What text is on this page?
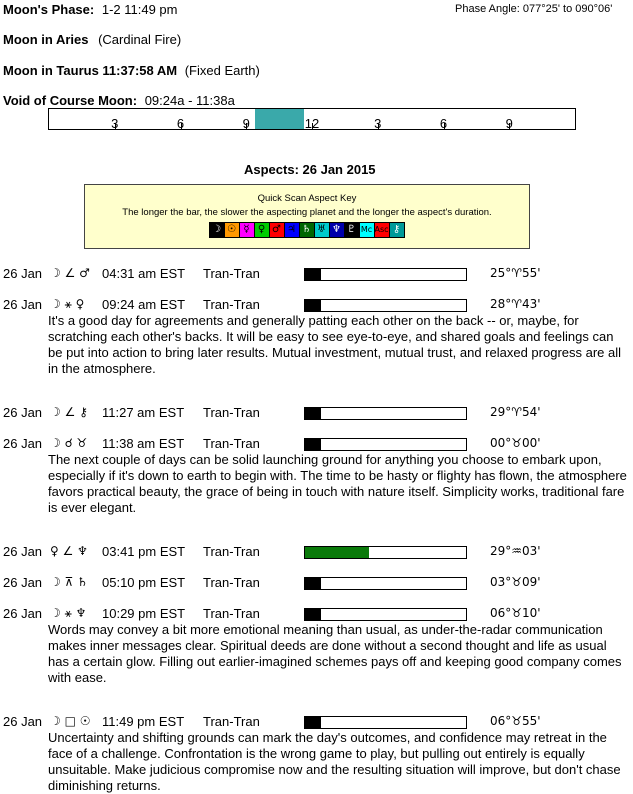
Moon's Phase: 1-2 11:49 pm	Phase Angle: 077°25' to 090°06'
Moon in Aries (Cardinal Fire)
Moon in Taurus 11:37:58 AM (Fixed Earth)
Void of Course Moon: 09:24a - 11:38a
3	6	9	12	3	6	9
Aspects: 26 Jan 2015
Quick Scan Aspect Key
The longer the bar, the slower the aspecting planet and the longer the aspect's duration.
☽ ☉ ☿ ♀ ♂ ♃ ♄ ♅ ♆ ♇ Mc Asc ⚷
26 Jan ☽ ∠ ♂ 04:31 am EST Tran-Tran	25°♈55'
26 Jan ☽ ⚹ ♀ 09:24 am EST Tran-Tran	28°♈43'
It's a good day for agreements and generally patting each other on the back -- or, maybe, for scratching each other's backs. It will be easy to see eye-to-eye, and shared goals and feelings can be put into action to bring later results. Mutual investment, mutual trust, and relaxed progress are all in the atmosphere.
26 Jan ☽ ∠ ⚷ 11:27 am EST Tran-Tran	29°♈54'
26 Jan ☽ ☌ ♉ 11:38 am EST Tran-Tran	00°♉00'
The next couple of days can be solid launching ground for anything you choose to embark upon, especially if it's down to earth to begin with. The time to be hasty or flighty has flown, the atmosphere favors practical beauty, the grace of being in touch with nature itself. Simplicity works, traditional fare is ever elegant.
26 Jan ♀ ∠ ♆ 03:41 pm EST Tran-Tran	29°♒03'
26 Jan ☽ ⊼ ♄ 05:10 pm EST Tran-Tran	03°♉09'
26 Jan ☽ ⚹ ♆ 10:29 pm EST Tran-Tran	06°♉10'
Words may convey a bit more emotional meaning than usual, as under-the-radar communication makes inner messages clear. Spiritual deeds are done without a second thought and life as usual has a certain glow. Filling out earlier-imagined schemes pays off and keeping good company comes with ease.
26 Jan ☽ □ ☉ 11:49 pm EST Tran-Tran	06°♉55'
Uncertainty and shifting grounds can mark the day's outcomes, and confidence may retreat in the face of a challenge. Confrontation is the wrong game to play, but pulling out entirely is equally unsuitable. Make judicious compromise now and the resulting situation will improve, but don't chase diminishing returns.
